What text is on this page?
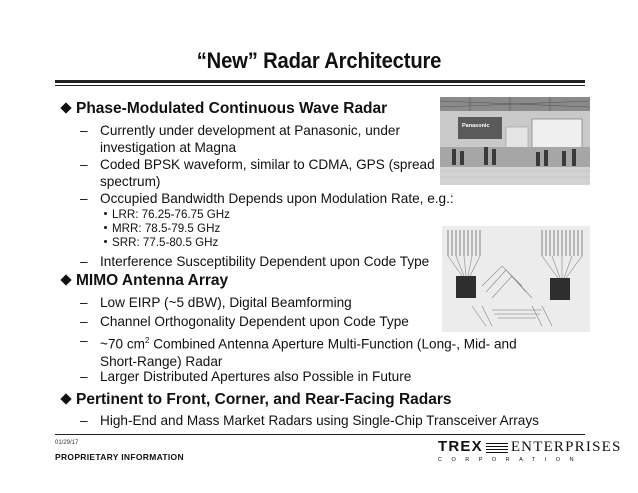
“New” Radar Architecture
Phase-Modulated Continuous Wave Radar
– Currently under development at Panasonic, under
investigation at Magna
– Coded BPSK waveform, similar to CDMA, GPS (spread
spectrum)
– Occupied Bandwidth Depends upon Modulation Rate, e.g.:
LRR: 76.25-76.75 GHz
MRR: 78.5-79.5 GHz
SRR: 77.5-80.5 GHz
– Interference Susceptibility Dependent upon Code Type
MIMO Antenna Array
– Low EIRP (~5 dBW), Digital Beamforming
– Channel Orthogonality Dependent upon Code Type
– ~70 $cm^2$ Combined Antenna Aperture Multi-Function (Long-, Mid- and
Short-Range) Radar
– Larger Distributed Apertures also Possible in Future
Pertinent to Front, Corner, and Rear-Facing Radars
– High-End and Mass Market Radars using Single-Chip Transceiver Arrays
Panasonic
01/29/17
PROPRIETARY INFORMATION
TREX ENTERPRISES
CORPORATION
